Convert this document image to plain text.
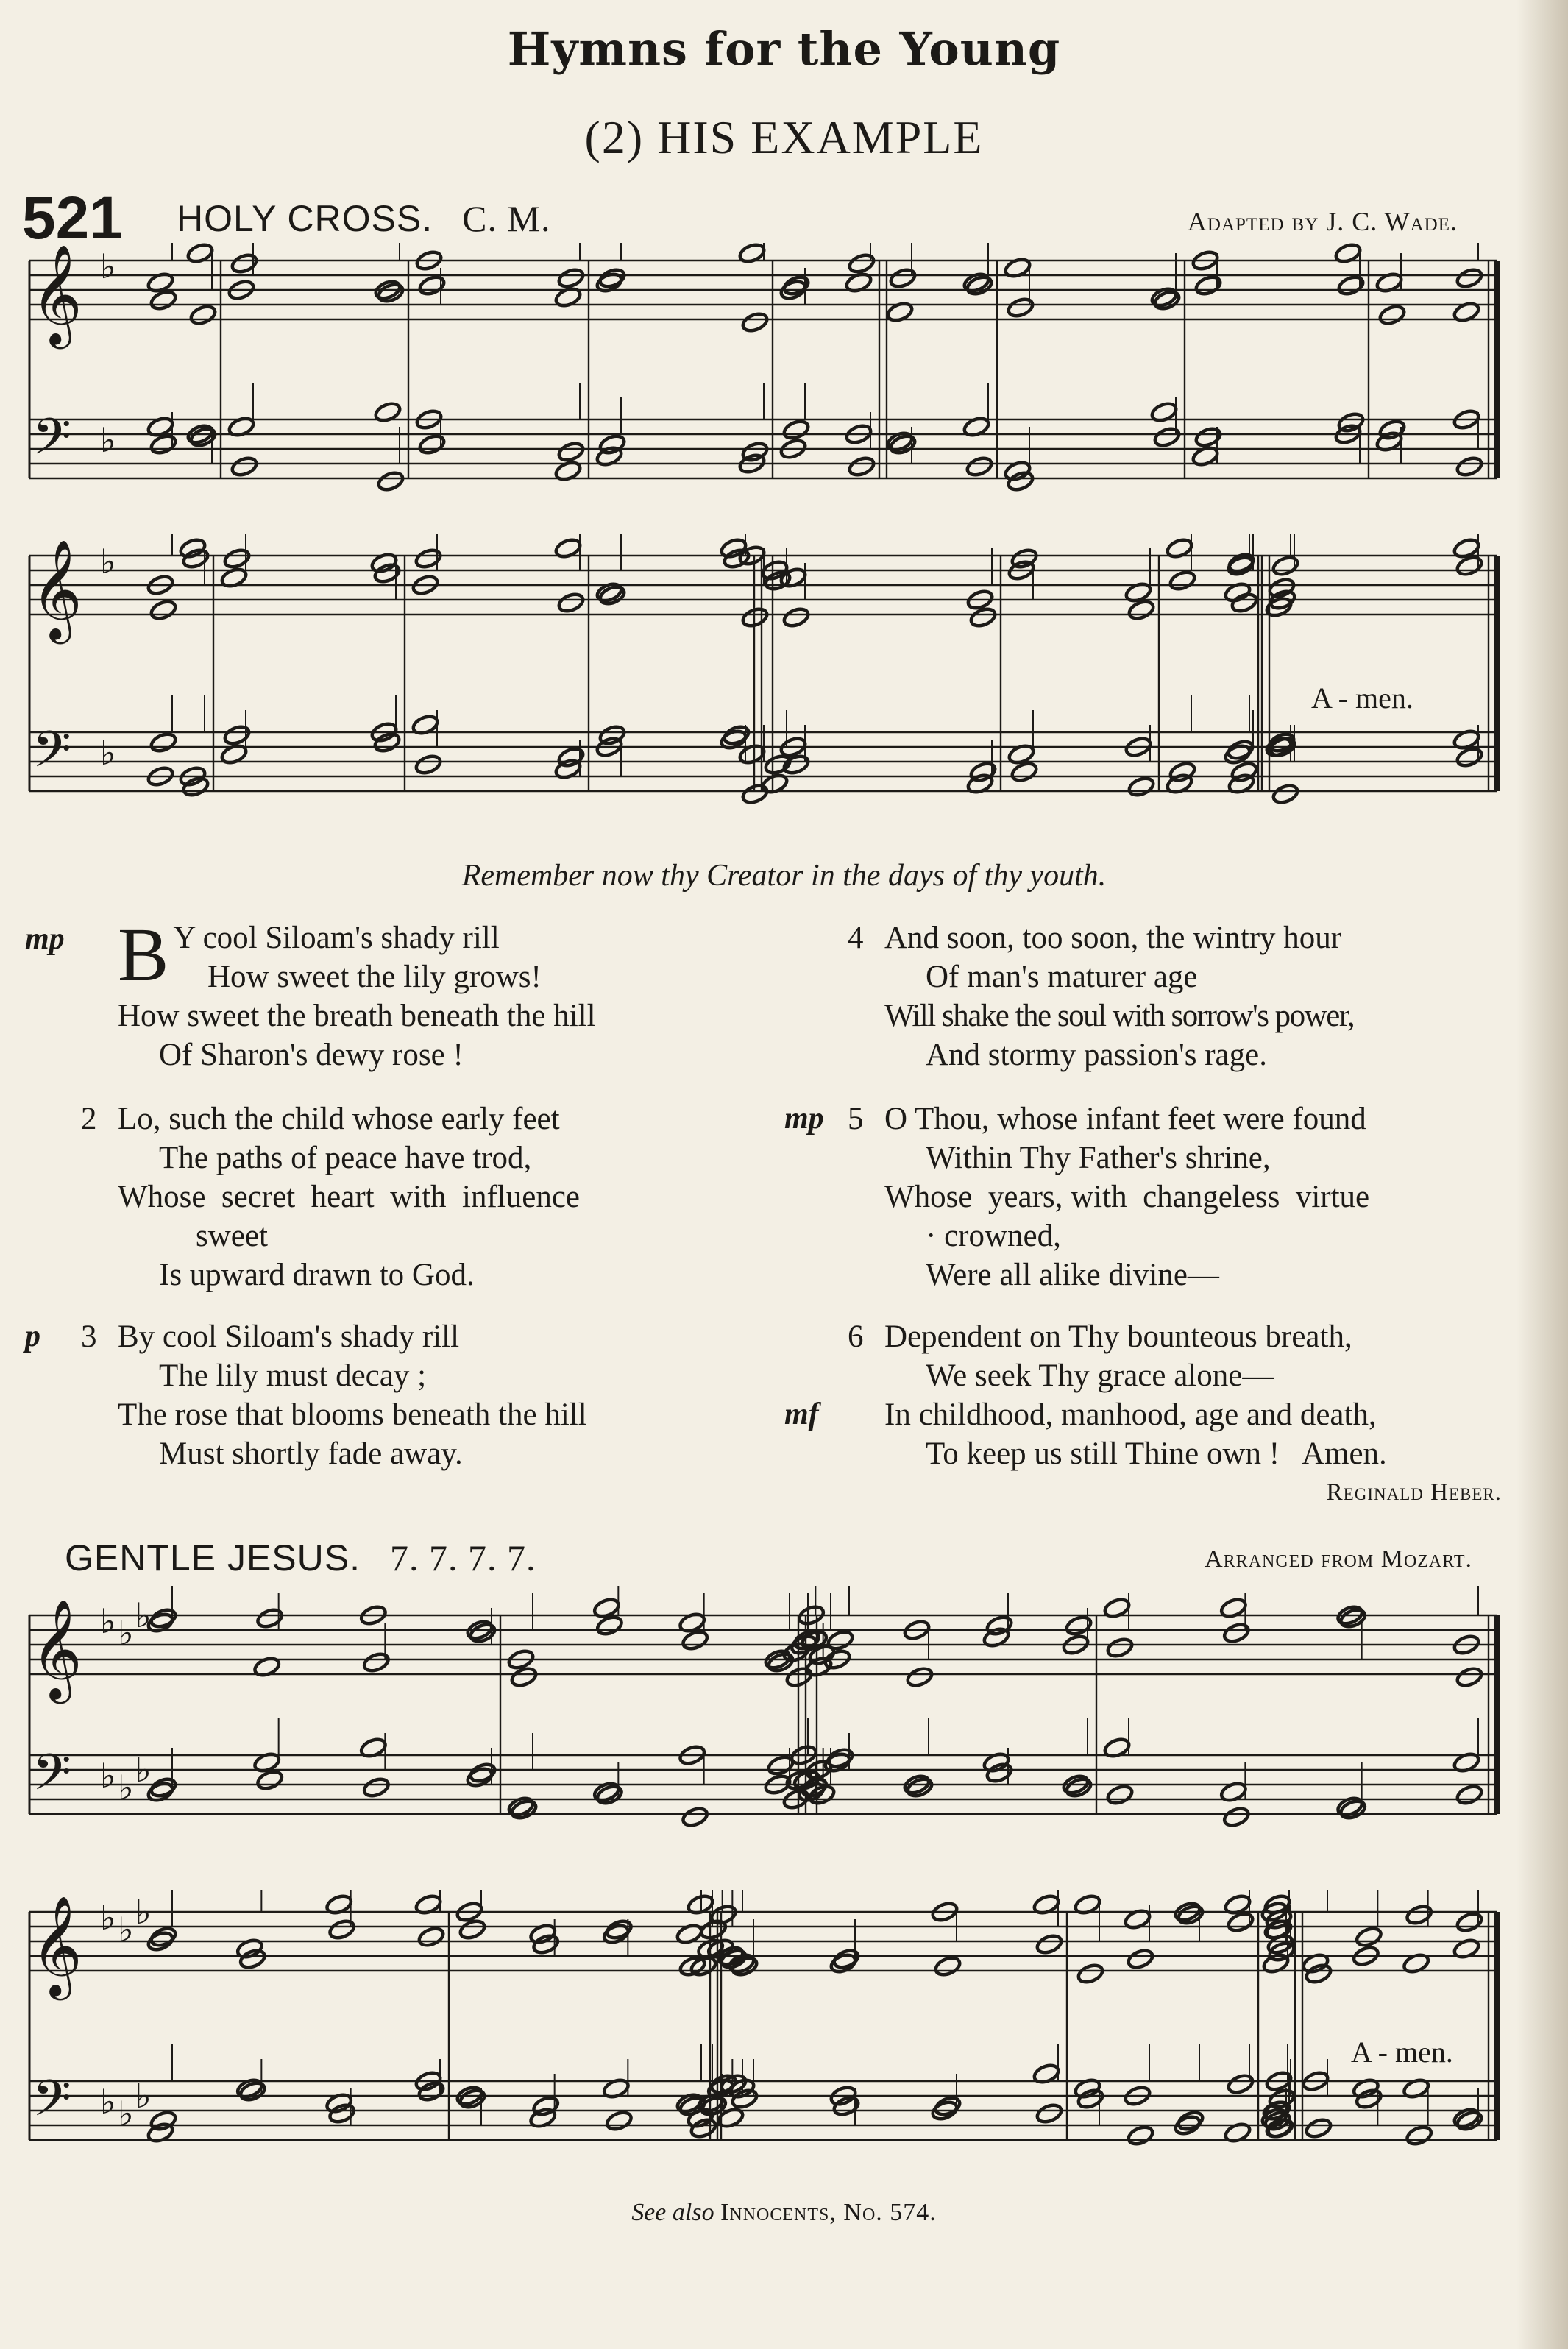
Hymns for the Young
(2) HIS EXAMPLE
521 HOLY CROSS. C. M.	Adapted by J. C. Wade.
𝄞 ♭
𝄢 ♭
𝄞 ♭
𝄢 ♭
A - men.
Remember now thy Creator in the days of thy youth.
mp B Y cool Siloam's shady rill
How sweet the lily grows!
How sweet the breath beneath the hill
Of Sharon's dewy rose !
2 Lo, such the child whose early feet
The paths of peace have trod,
Whose  secret  heart  with  influence
sweet
Is upward drawn to God.
p 3 By cool Siloam's shady rill
The lily must decay ;
The rose that blooms beneath the hill
Must shortly fade away.
4 And soon, too soon, the wintry hour
Of man's maturer age
Will shake the soul with sorrow's power,
And stormy passion's rage.
mp 5 O Thou, whose infant feet were found
Within Thy Father's shrine,
Whose  years, with  changeless  virtue
· crowned,
Were all alike divine—
mf
6 Dependent on Thy bounteous breath,
We seek Thy grace alone—
In childhood, manhood, age and death,
To keep us still Thine own !   Amen.
Reginald Heber.
GENTLE JESUS. 7. 7. 7. 7.	Arranged from Mozart.
𝄞 ♭ ♭ ♭
𝄢 ♭ ♭ ♭
𝄞 ♭ ♭ ♭
𝄢 ♭ ♭ ♭
A - men.
See also Innocents, No. 574.
